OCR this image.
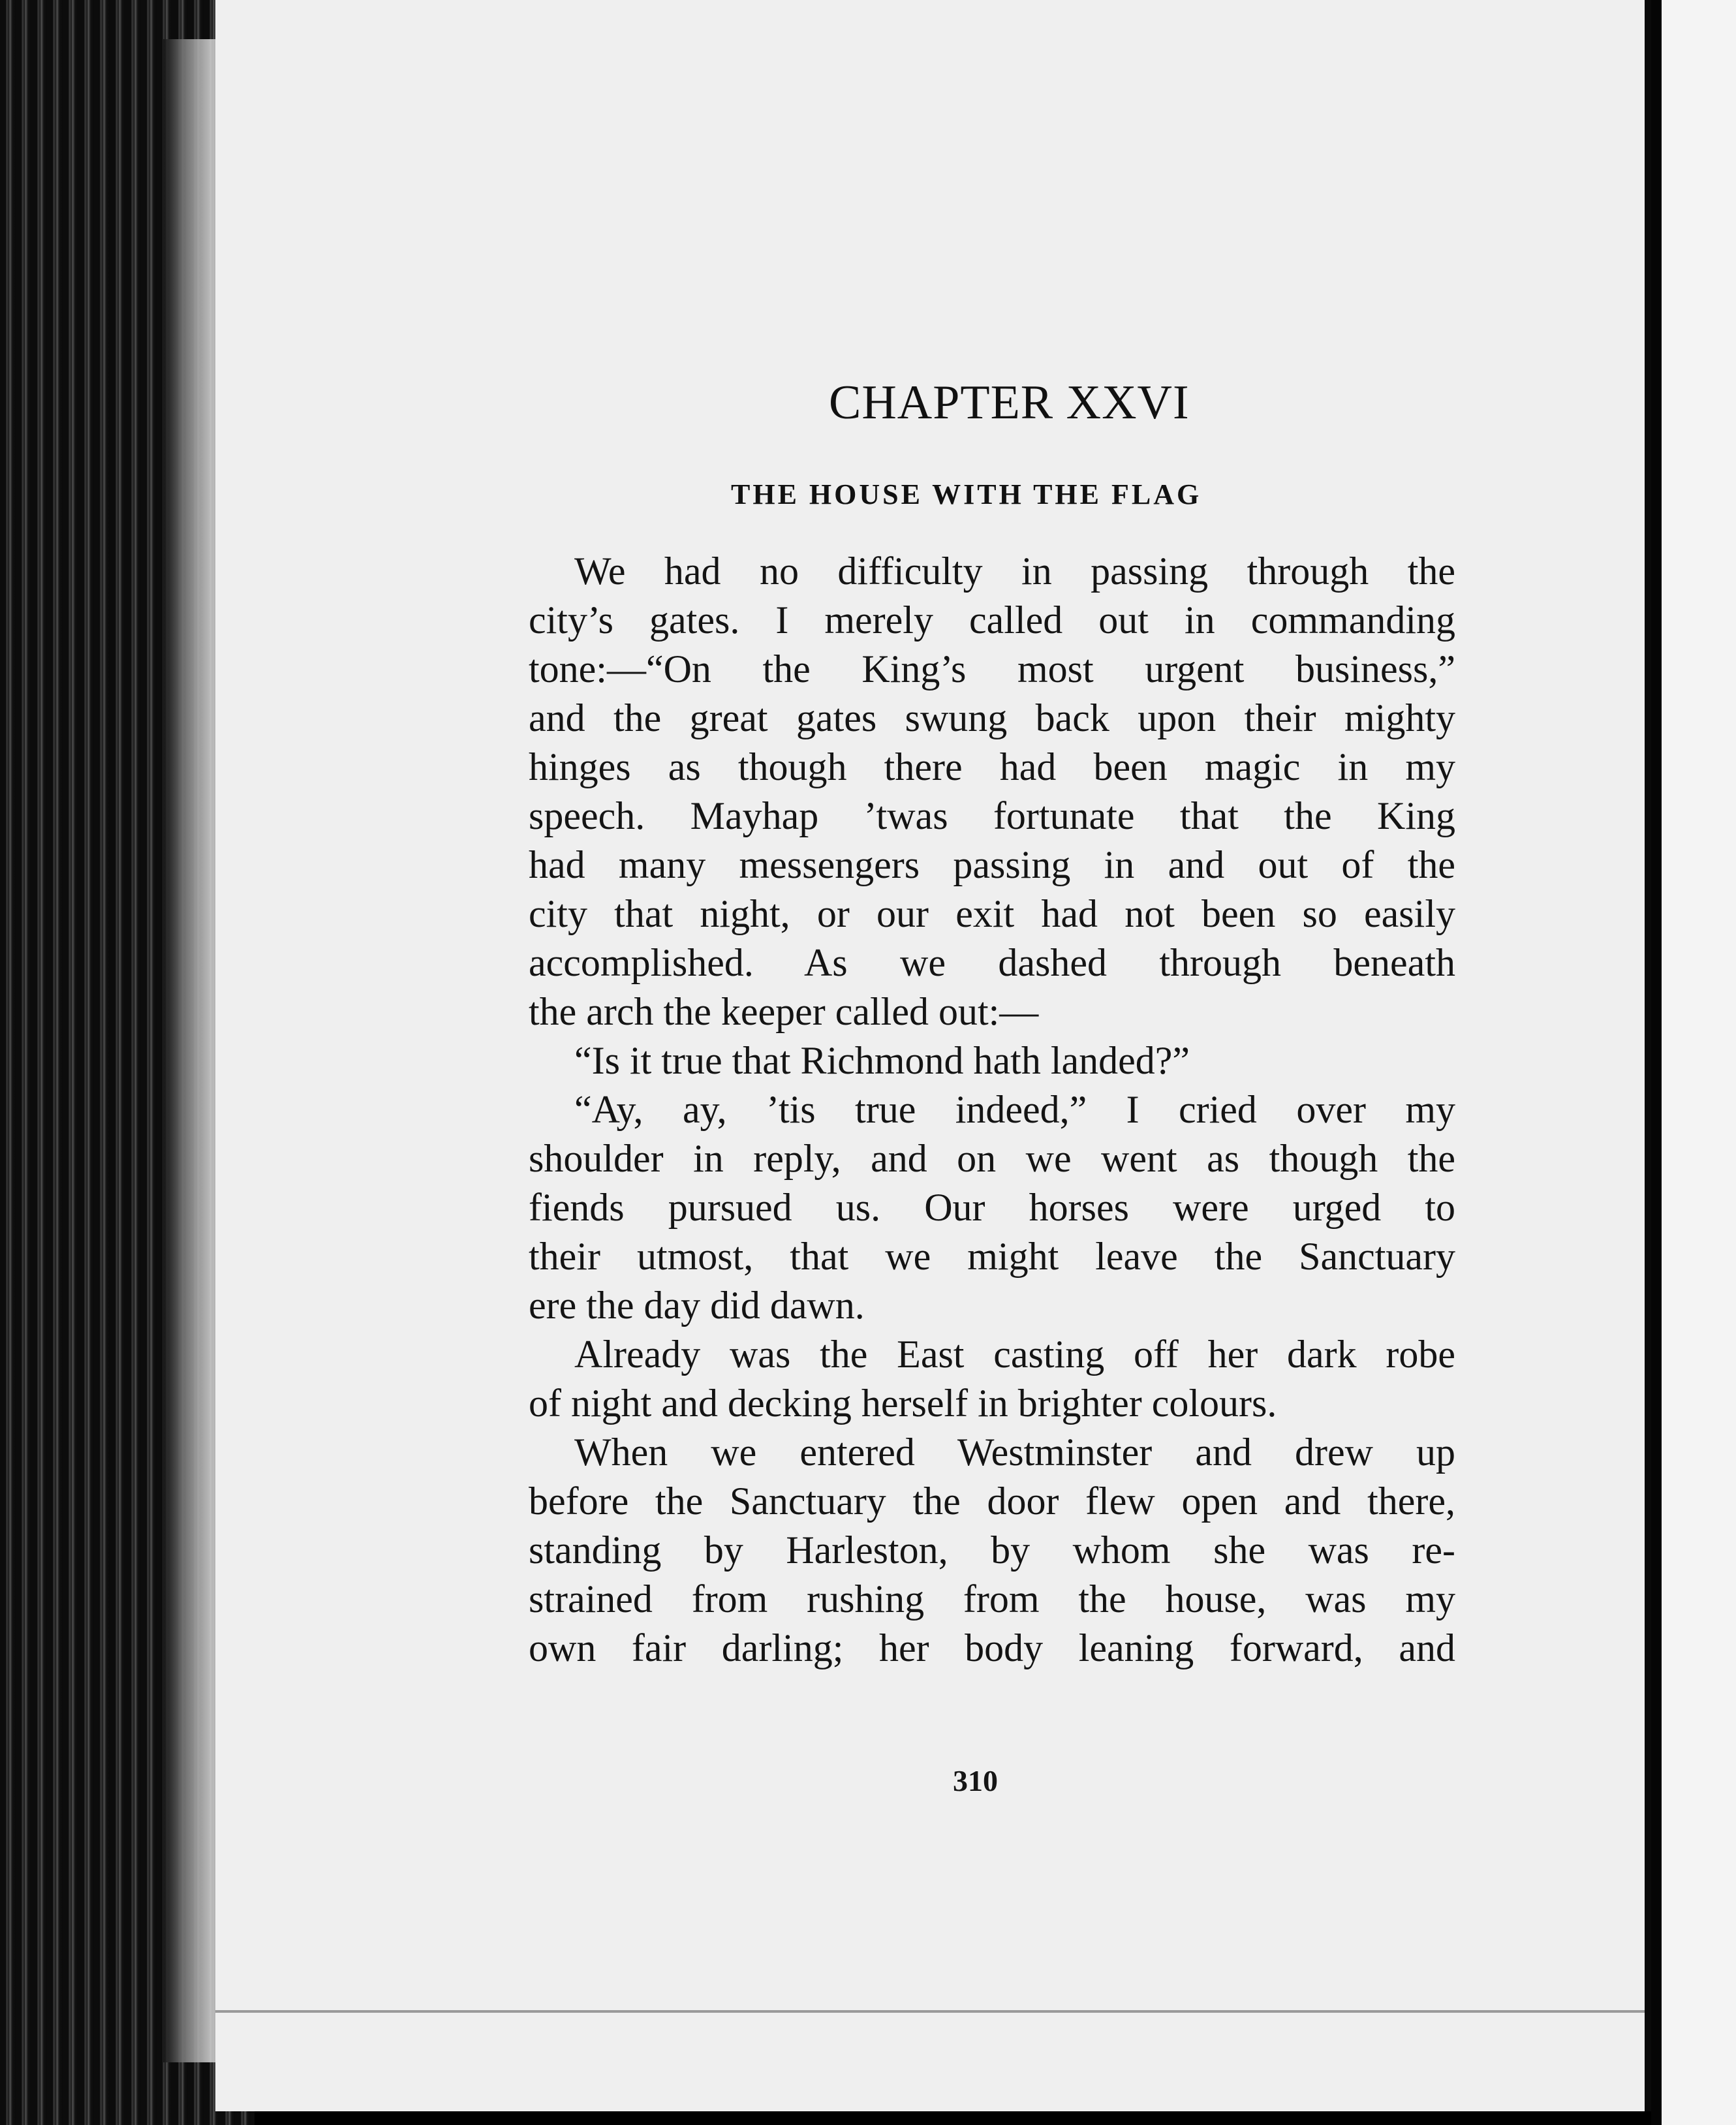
CHAPTER XXVI
THE HOUSE WITH THE FLAG
We had no difficulty in passing through the
city’s gates. I merely called out in commanding
tone:—“On the King’s most urgent business,”
and the great gates swung back upon their mighty
hinges as though there had been magic in my
speech. Mayhap ’twas fortunate that the King
had many messengers passing in and out of the
city that night, or our exit had not been so easily
accomplished. As we dashed through beneath
the arch the keeper called out:—
“Is it true that Richmond hath landed?”
“Ay, ay, ’tis true indeed,” I cried over my
shoulder in reply, and on we went as though the
fiends pursued us. Our horses were urged to
their utmost, that we might leave the Sanctuary
ere the day did dawn.
Already was the East casting off her dark robe
of night and decking herself in brighter colours.
When we entered Westminster and drew up
before the Sanctuary the door flew open and there,
standing by Harleston, by whom she was re-
strained from rushing from the house, was my
own fair darling; her body leaning forward, and
310
